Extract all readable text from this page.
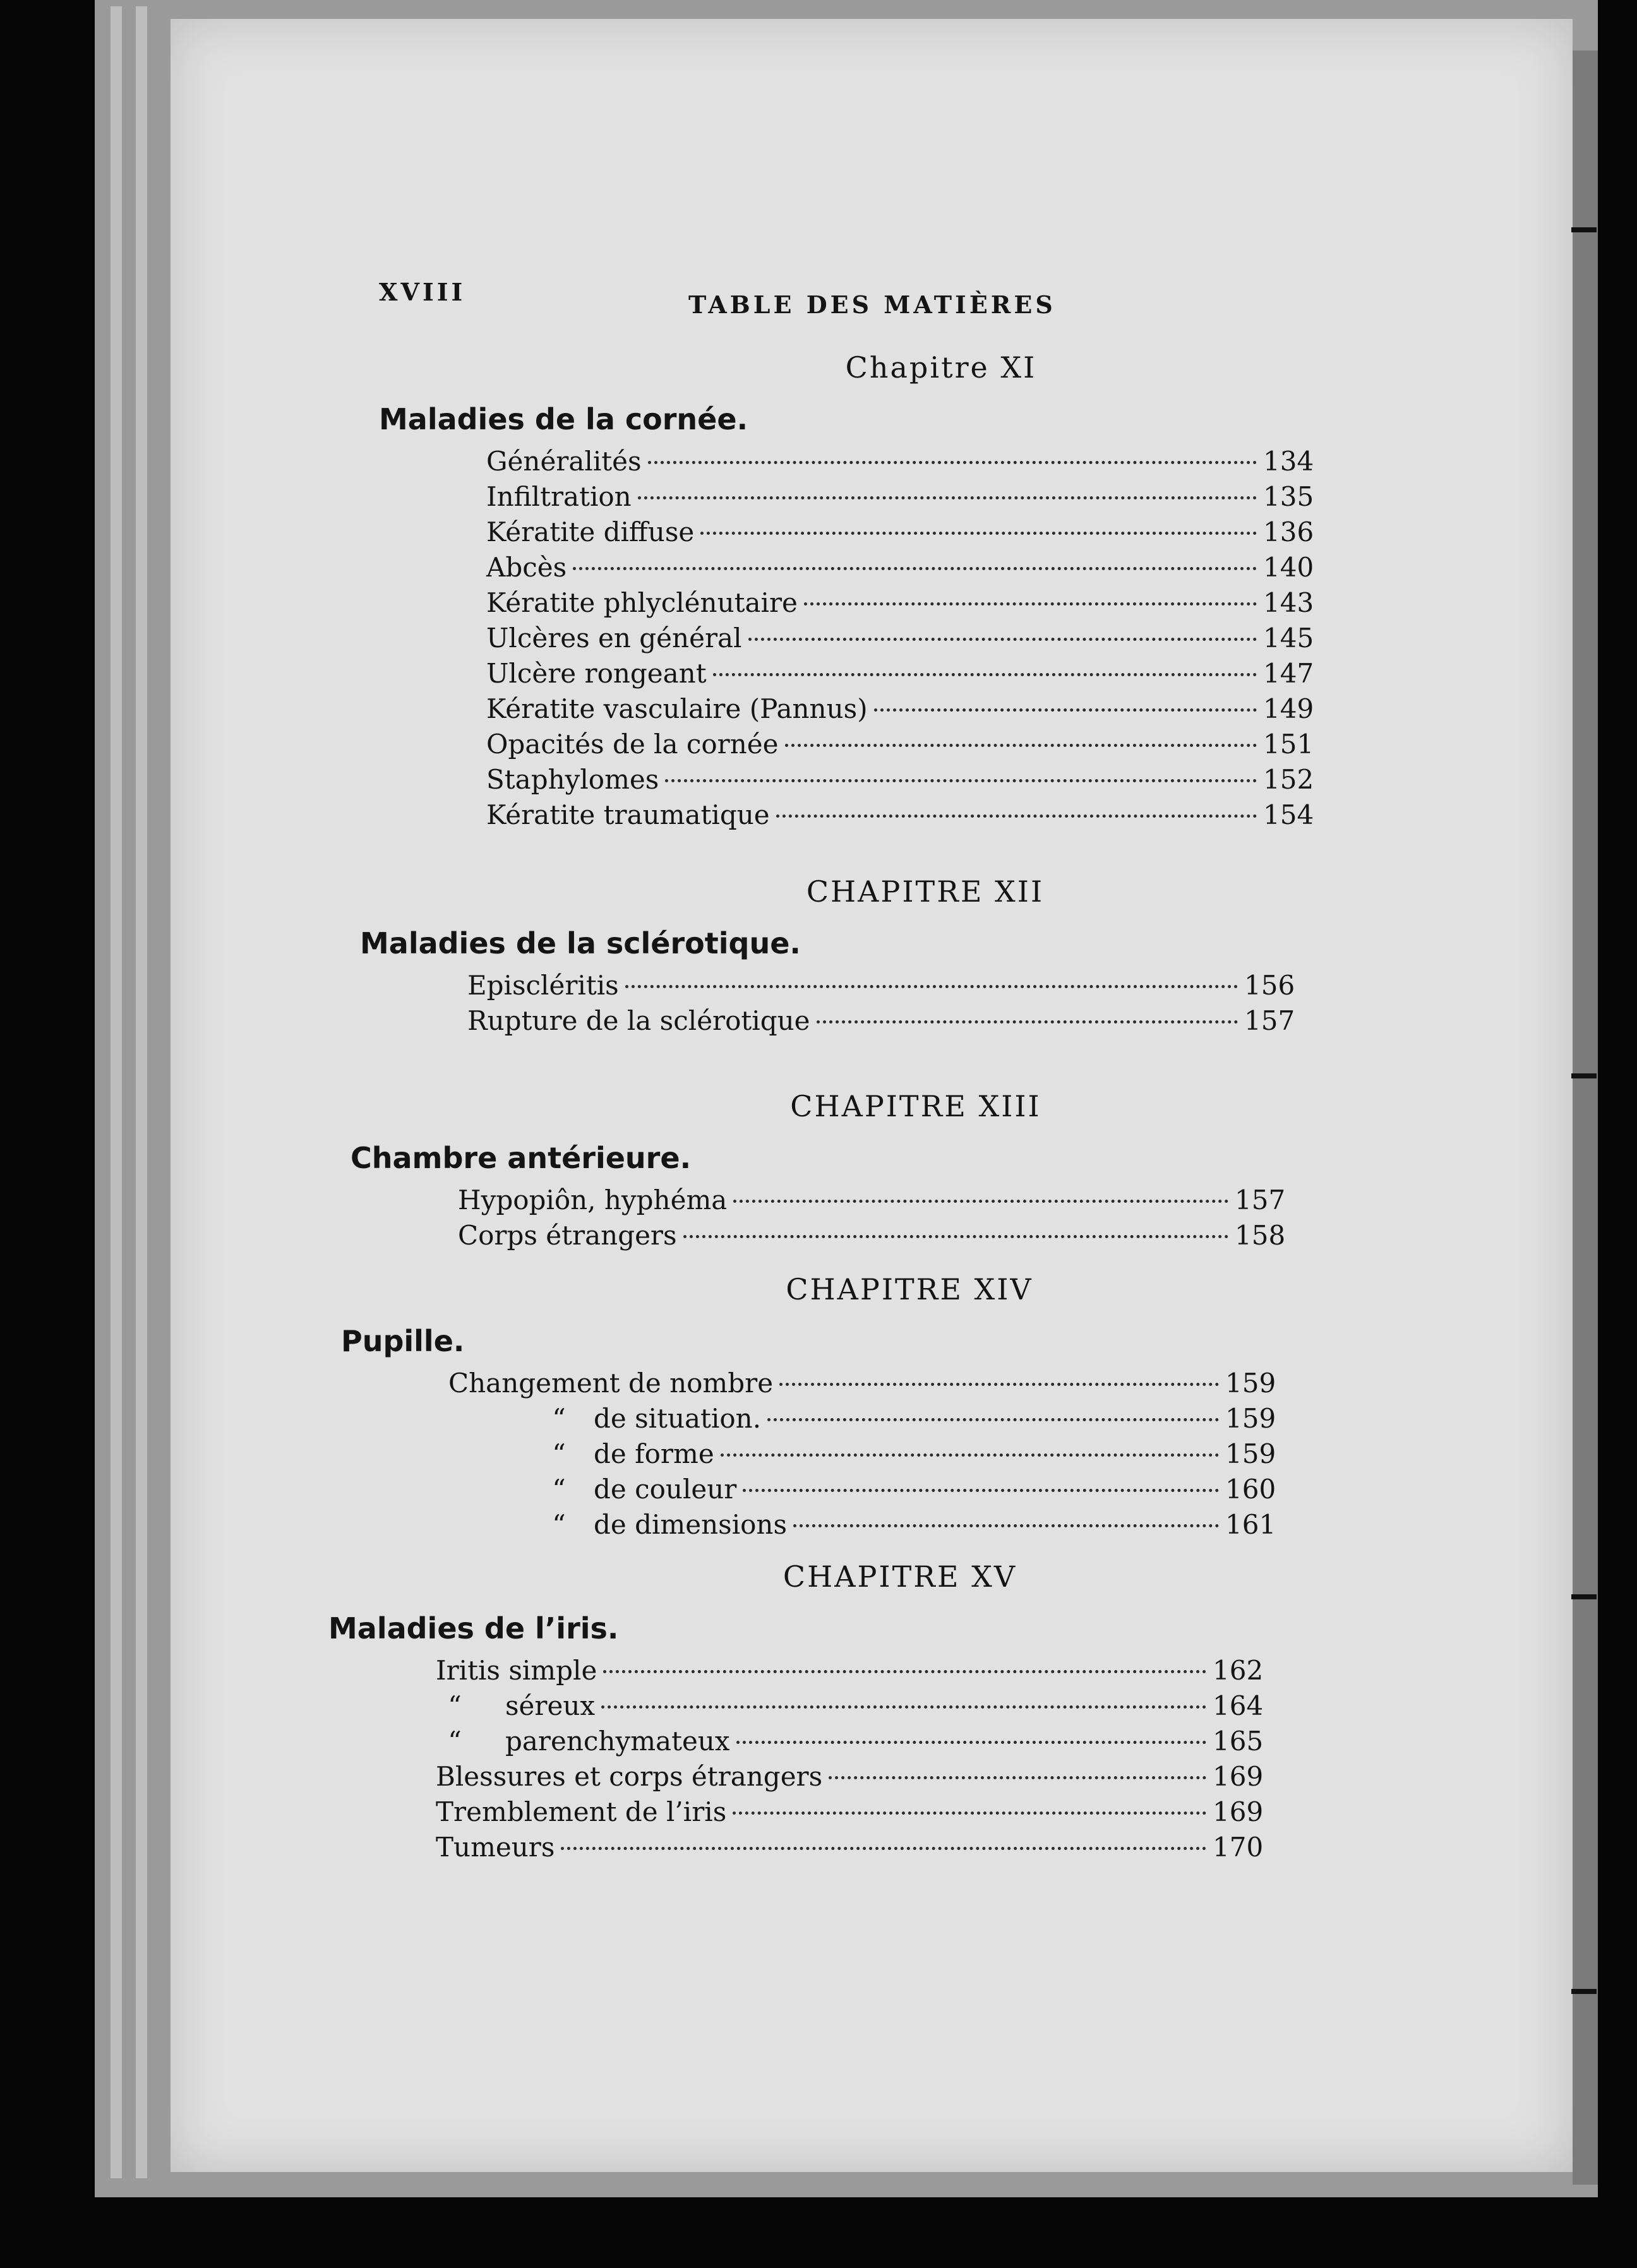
XVIII	TABLE DES MATIÈRES
Chapitre XI
Maladies de la cornée.
Généralités	134
Infiltration	135
Kératite diffuse	136
Abcès	140
Kératite phlyclénutaire	143
Ulcères en général	145
Ulcère rongeant	147
Kératite vasculaire (Pannus)	149
Opacités de la cornée	151
Staphylomes	152
Kératite traumatique	154
CHAPITRE XII
Maladies de la sclérotique.
Episcléritis	156
Rupture de la sclérotique	157
CHAPITRE XIII
Chambre antérieure.
Hypopiôn, hyphéma	157
Corps étrangers	158
CHAPITRE XIV
Pupille.
Changement de nombre	159
“	de situation.	159
“	de forme	159
“	de couleur	160
“	de dimensions	161
CHAPITRE XV
Maladies de l’iris.
Iritis simple	162
“	séreux	164
“	parenchymateux	165
Blessures et corps étrangers	169
Tremblement de l’iris	169
Tumeurs	170
